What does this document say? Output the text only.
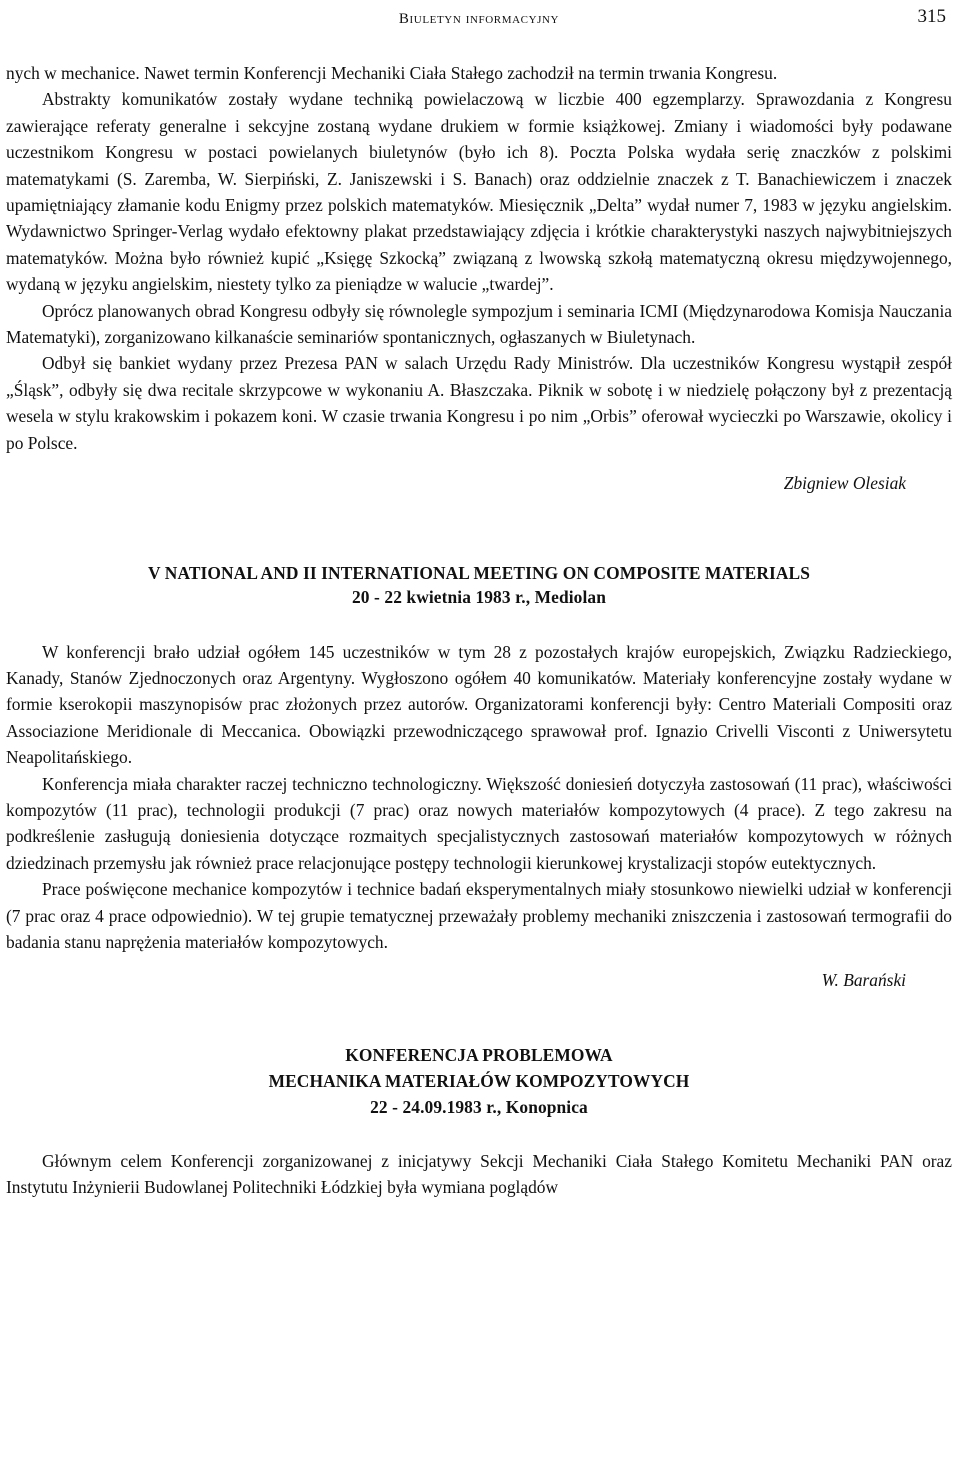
Biuletyn informacyjny	315

nych w mechanice. Nawet termin Konferencji Mechaniki Ciała Stałego zachodził na termin trwania Kongresu.

Abstrakty komunikatów zostały wydane techniką powielaczową w liczbie 400 egzemplarzy. Sprawozdania z Kongresu zawierające referaty generalne i sekcyjne zostaną wydane drukiem w formie książkowej. Zmiany i wiadomości były podawane uczestnikom Kongresu w postaci powielanych biuletynów (było ich 8). Poczta Polska wydała serię znaczków z polskimi matematykami (S. Zaremba, W. Sierpiński, Z. Janiszewski i S. Banach) oraz oddzielnie znaczek z T. Banachiewiczem i znaczek upamiętniający złamanie kodu Enigmy przez polskich matematyków. Miesięcznik „Delta” wydał numer 7, 1983 w języku angielskim. Wydawnictwo Springer-Verlag wydało efektowny plakat przedstawiający zdjęcia i krótkie charakterystyki naszych najwybitniejszych matematyków. Można było również kupić „Księgę Szkocką” związaną z lwowską szkołą matematyczną okresu międzywojennego, wydaną w języku angielskim, niestety tylko za pieniądze w walucie „twardej”.

Oprócz planowanych obrad Kongresu odbyły się równolegle sympozjum i seminaria ICMI (Międzynarodowa Komisja Nauczania Matematyki), zorganizowano kilkanaście seminariów spontanicznych, ogłaszanych w Biuletynach.

Odbył się bankiet wydany przez Prezesa PAN w salach Urzędu Rady Ministrów. Dla uczestników Kongresu wystąpił zespół „Śląsk”, odbyły się dwa recitale skrzypcowe w wykonaniu A. Błaszczaka. Piknik w sobotę i w niedzielę połączony był z prezentacją wesela w stylu krakowskim i pokazem koni. W czasie trwania Kongresu i po nim „Orbis” oferował wycieczki po Warszawie, okolicy i po Polsce.

Zbigniew Olesiak
V NATIONAL AND II INTERNATIONAL MEETING ON COMPOSITE MATERIALS
20 - 22 kwietnia 1983 r., Mediolan

W konferencji brało udział ogółem 145 uczestników w tym 28 z pozostałych krajów europejskich, Związku Radzieckiego, Kanady, Stanów Zjednoczonych oraz Argentyny. Wygłoszono ogółem 40 komunikatów. Materiały konferencyjne zostały wydane w formie kserokopii maszynopisów prac złożonych przez autorów. Organizatorami konferencji były: Centro Materiali Compositi oraz Associazione Meridionale di Meccanica. Obowiązki przewodniczącego sprawował prof. Ignazio Crivelli Visconti z Uniwersytetu Neapolitańskiego.

Konferencja miała charakter raczej techniczno technologiczny. Większość doniesień dotyczyła zastosowań (11 prac), właściwości kompozytów (11 prac), technologii produkcji (7 prac) oraz nowych materiałów kompozytowych (4 prace). Z tego zakresu na podkreślenie zasługują doniesienia dotyczące rozmaitych specjalistycznych zastosowań materiałów kompozytowych w różnych dziedzinach przemysłu jak również prace relacjonujące postępy technologii kierunkowej krystalizacji stopów eutektycznych.

Prace poświęcone mechanice kompozytów i technice badań eksperymentalnych miały stosunkowo niewielki udział w konferencji (7 prac oraz 4 prace odpowiednio). W tej grupie tematycznej przeważały problemy mechaniki zniszczenia i zastosowań termografii do badania stanu naprężenia materiałów kompozytowych.

W. Barański
KONFERENCJA PROBLEMOWA
MECHANIKA MATERIAŁÓW KOMPOZYTOWYCH
22 - 24.09.1983 r., Konopnica

Głównym celem Konferencji zorganizowanej z inicjatywy Sekcji Mechaniki Ciała Stałego Komitetu Mechaniki PAN oraz Instytutu Inżynierii Budowlanej Politechniki Łódzkiej była wymiana poglądów
